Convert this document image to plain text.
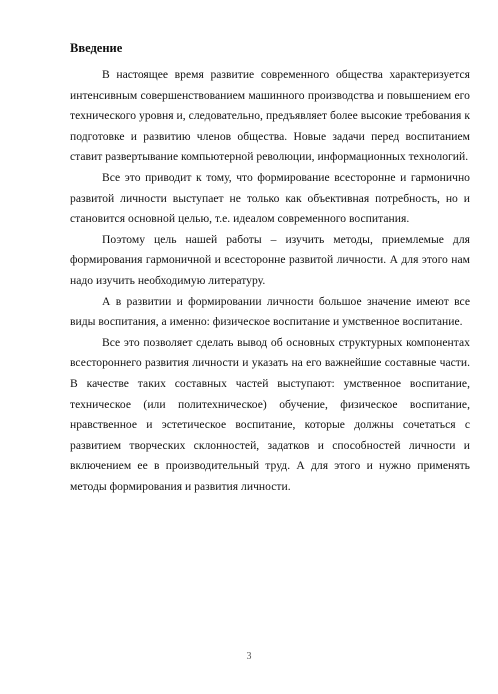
Введение

В настоящее время развитие современного общества характеризуется интенсивным совершенствованием машинного производства и повышением его технического уровня и, следовательно, предъявляет более высокие требования к подготовке и развитию членов общества. Новые задачи перед воспитанием ставит развертывание компьютерной революции, информационных технологий.

Все это приводит к тому, что формирование всесторонне и гармонично развитой личности выступает не только как объективная потребность, но и становится основной целью, т.е. идеалом современного воспитания.

Поэтому цель нашей работы – изучить методы, приемлемые для формирования гармоничной и всесторонне развитой личности. А для этого нам надо изучить необходимую литературу.

А в развитии и формировании личности большое значение имеют все виды воспитания, а именно: физическое воспитание и умственное воспитание.

Все это позволяет сделать вывод об основных структурных компонентах всестороннего развития личности и указать на его важнейшие составные части. В качестве таких составных частей выступают: умственное воспитание, техническое (или политехническое) обучение, физическое воспитание, нравственное и эстетическое воспитание, которые должны сочетаться с развитием творческих склонностей, задатков и способностей личности и включением ее в производительный труд. А для этого и нужно применять методы формирования и развития личности.

3
